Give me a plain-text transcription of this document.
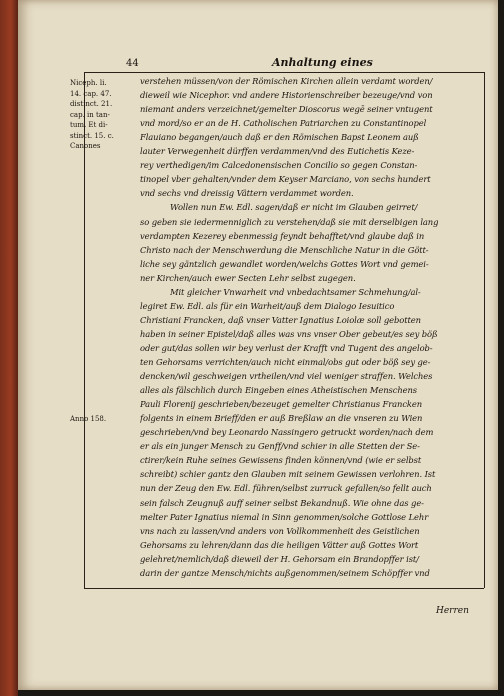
44	Anhaltung eines
Niceph. li.
14. cap. 47.
distinct. 21.
cap. in tan-
tum. Et di-
stinct. 15. c.
Canones
Anno 158.
verstehen müssen/von der Römischen Kirchen allein verdamt worden/
dieweil wie Nicephor. vnd andere Historienschreiber bezeuge/vnd von
niemant anders verzeichnet/gemelter Dioscorus wegē seiner vntugent
vnd mord/so er an de H. Catholischen Patriarchen zu Constantinopel
Flauiano begangen/auch daß er den Römischen Bapst Leonem auß
lauter Verwegenheit dürffen verdammen/vnd des Eutichetis Keze-
rey verthedigen/im Calcedonensischen Concilio so gegen Constan-
tinopel vber gehalten/vnder dem Keyser Marciano, von sechs hundert
vnd sechs vnd dreissig Vättern verdammet worden.
Wollen nun Ew. Edl. sagen/daß er nicht im Glauben geirret/
so geben sie iedermenniglich zu verstehen/daß sie mit derselbigen lang
verdampten Kezerey ebenmessig feyndt behafftet/vnd glaube daß in
Christo nach der Menschwerdung die Menschliche Natur in die Gött-
liche sey gäntzlich gewandlet worden/welchs Gottes Wort vnd gemei-
ner Kirchen/auch ewer Secten Lehr selbst zugegen.
Mit gleicher Vnwarheit vnd vnbedachtsamer Schmehung/al-
legiret Ew. Edl. als für ein Warheit/auß dem Dialogo Iesuitico
Christiani Francken, daß vnser Vatter Ignatius Loiolæ soll gebotten
haben in seiner Epistel/daß alles was vns vnser Ober gebeut/es sey böß
oder gut/das sollen wir bey verlust der Krafft vnd Tugent des angelob-
ten Gehorsams verrichten/auch nicht einmal/obs gut oder böß sey ge-
dencken/wil geschweigen vrtheilen/vnd viel weniger straffen. Welches
alles als fälschlich durch Eingeben eines Atheistischen Menschens
Pauli Florenij geschrieben/bezeuget gemelter Christianus Francken
folgents in einem Brieff/den er auß Breßlaw an die vnseren zu Wien
geschrieben/vnd bey Leonardo Nassingero getruckt worden/nach dem
er als ein junger Mensch zu Genff/vnd schier in alle Stetten der Se-
ctirer/kein Ruhe seines Gewissens finden können/vnd (wie er selbst
schreibt) schier gantz den Glauben mit seinem Gewissen verlohren. Ist
nun der Zeug den Ew. Edl. führen/selbst zurruck gefallen/so fellt auch
sein falsch Zeugnuß auff seiner selbst Bekandnuß. Wie ohne das ge-
melter Pater Ignatius niemal in Sinn genommen/solche Gottlose Lehr
vns nach zu lassen/vnd anders von Vollkommenheit des Geistlichen
Gehorsams zu lehren/dann das die heiligen Vätter auß Gottes Wort
gelehret/nemlich/daß dieweil der H. Gehorsam ein Brandopffer ist/
darin der gantze Mensch/nichts außgenommen/seinem Schöpffer vnd
Herren
